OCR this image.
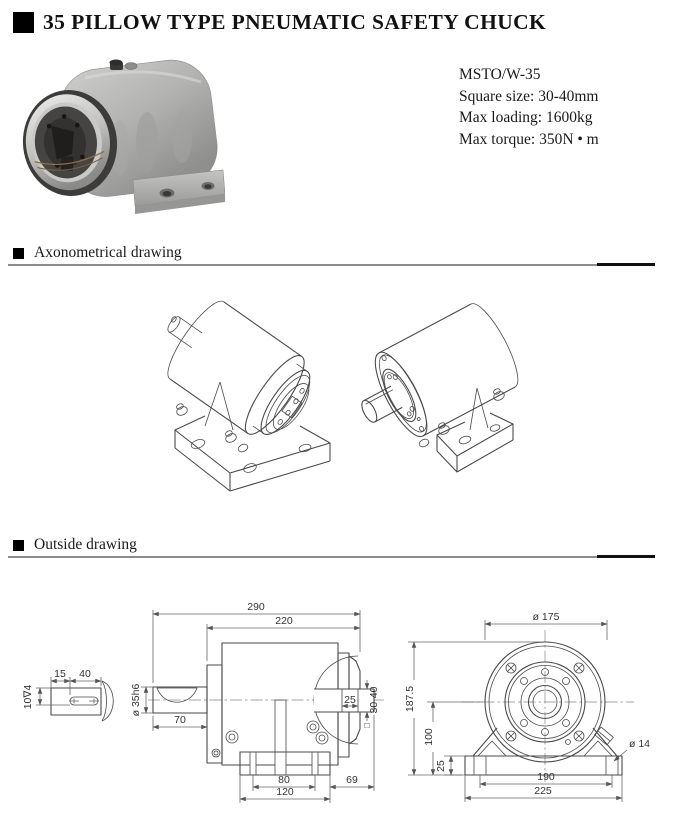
35 PILLOW TYPE PNEUMATIC SAFETY CHUCK
MSTO/W-35
Square size: 30-40mm
Max loading: 1600kg
Max torque: 350N • m
Axonometrical drawing
Outside drawing
15 40
10∇4
290
220
ø 35h6
70
25 30-40
□
80
120
69
ø 175
187.5
100
25
ø 14
190
225
